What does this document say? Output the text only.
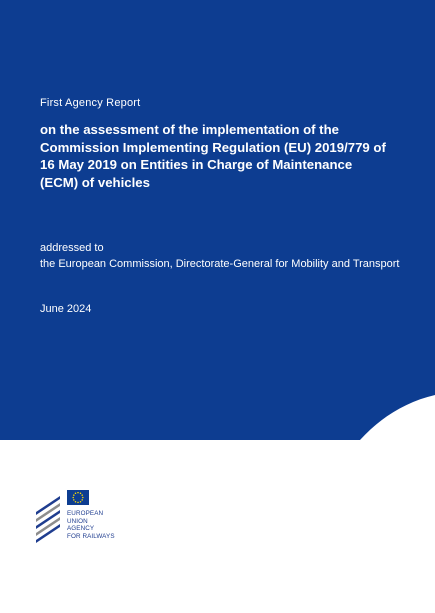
First Agency Report
on the assessment of the implementation of the Commission Implementing Regulation (EU) 2019/779 of 16 May 2019 on Entities in Charge of Maintenance (ECM) of vehicles
addressed to
the European Commission, Directorate-General for Mobility and Transport
June 2024
EUROPEAN
UNION
AGENCY
FOR RAILWAYS
